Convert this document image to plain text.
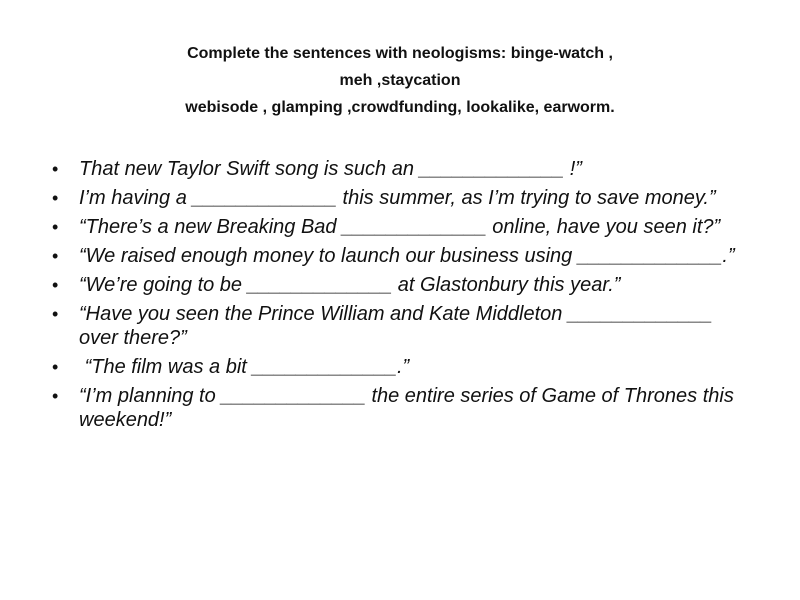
Complete the sentences with neologisms: binge-watch ,
meh ,staycation
webisode , glamping ,crowdfunding, lookalike, earworm.
• That new Taylor Swift song is such an _____________ !”
• I’m having a _____________ this summer, as I’m trying to save money.”
• “There’s a new Breaking Bad _____________ online, have you seen it?”
• “We raised enough money to launch our business using _____________.”
• “We’re going to be _____________ at Glastonbury this year.”
• “Have you seen the Prince William and Kate Middleton _____________ over there?”
• “The film was a bit _____________.”
• “I’m planning to _____________ the entire series of Game of Thrones this weekend!”
